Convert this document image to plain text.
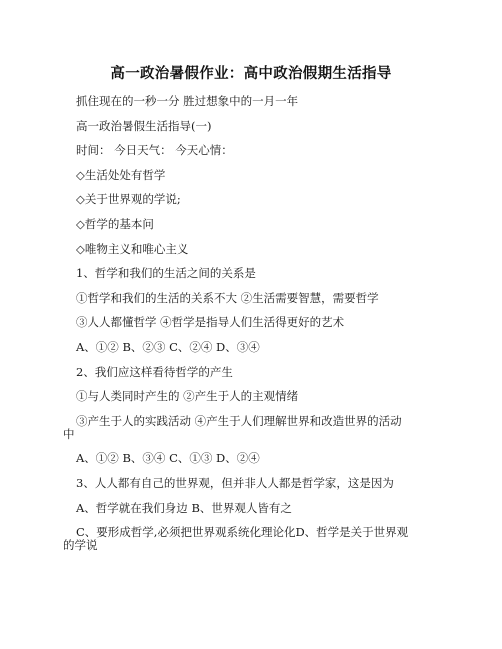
高一政治暑假作业：高中政治假期生活指导
抓住现在的一秒一分 胜过想象中的一月一年
高一政治暑假生活指导(一)
时间： 今日天气： 今天心情：
◇生活处处有哲学
◇关于世界观的学说;
◇哲学的基本问
◇唯物主义和唯心主义
1、哲学和我们的生活之间的关系是
①哲学和我们的生活的关系不大 ②生活需要智慧，需要哲学
③人人都懂哲学 ④哲学是指导人们生活得更好的艺术
A、①② B、②③ C、②④ D、③④
2、我们应这样看待哲学的产生
①与人类同时产生的 ②产生于人的主观情绪
③产生于人的实践活动 ④产生于人们理解世界和改造世界的活动
中
A、①② B、③④ C、①③ D、②④
3、人人都有自己的世界观，但并非人人都是哲学家，这是因为
A、哲学就在我们身边 B、世界观人皆有之
C、要形成哲学,必须把世界观系统化理论化D、哲学是关于世界观
的学说
